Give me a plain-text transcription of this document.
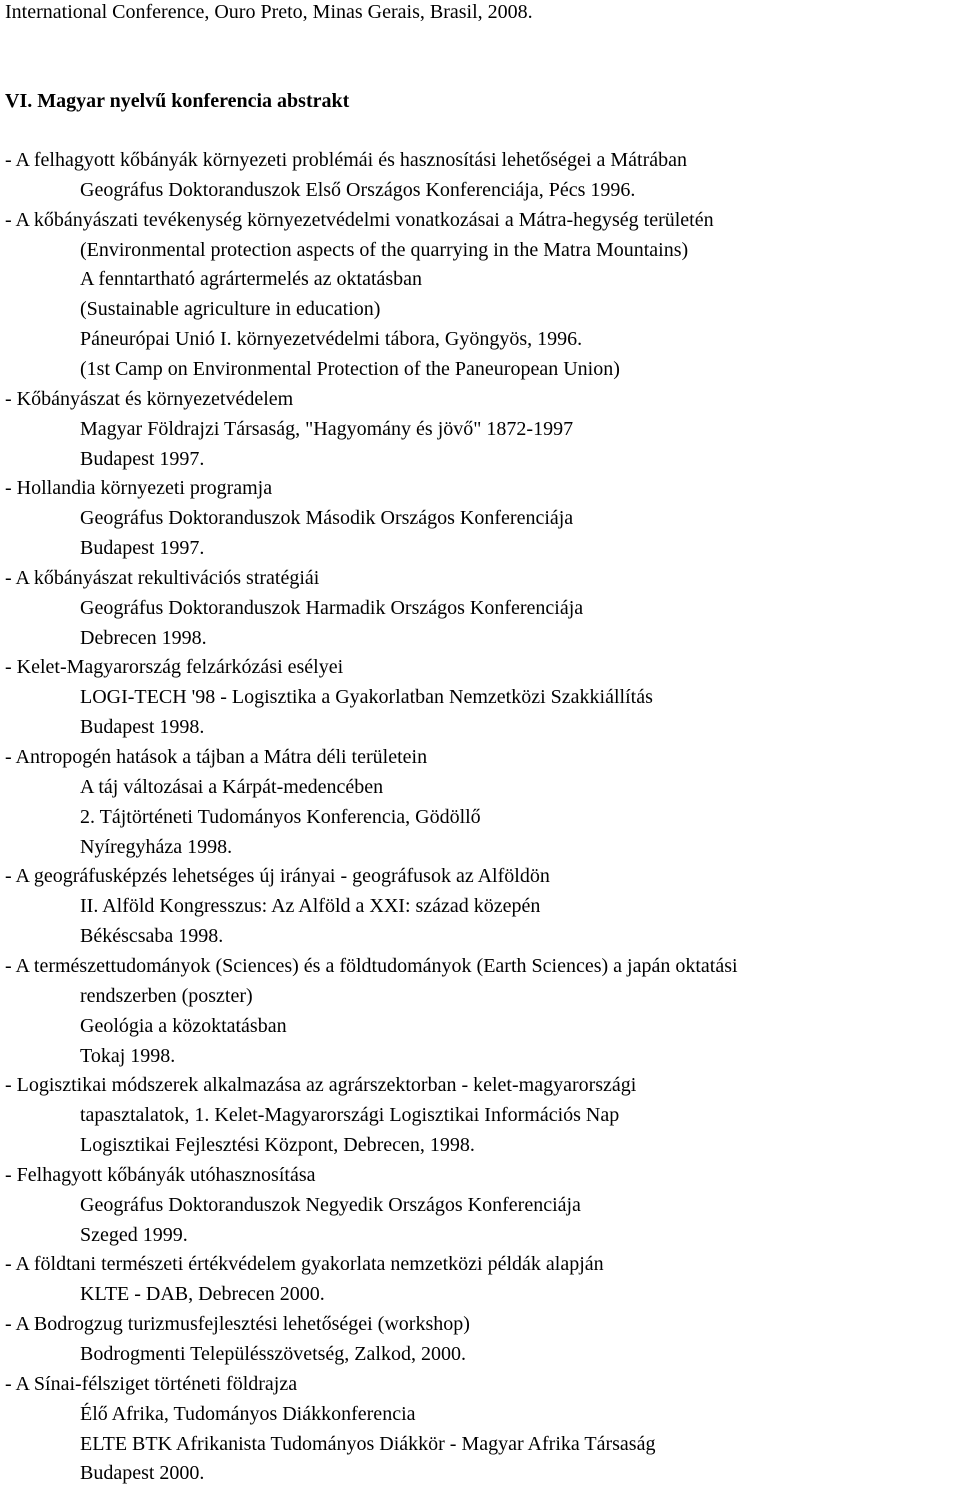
International Conference, Ouro Preto, Minas Gerais, Brasil, 2008.
VI. Magyar nyelvű konferencia abstrakt
- A felhagyott kőbányák környezeti problémái és hasznosítási lehetőségei a Mátrában
Geográfus Doktoranduszok Első Országos Konferenciája, Pécs 1996.
- A kőbányászati tevékenység környezetvédelmi vonatkozásai a Mátra-hegység területén
(Environmental protection aspects of the quarrying in the Matra Mountains)
A fenntartható agrártermelés az oktatásban
(Sustainable agriculture in education)
Páneurópai Unió I. környezetvédelmi tábora, Gyöngyös, 1996.
(1st Camp on Environmental Protection of the Paneuropean Union)
- Kőbányászat és környezetvédelem
Magyar Földrajzi Társaság, "Hagyomány és jövő" 1872-1997
Budapest 1997.
- Hollandia környezeti programja
Geográfus Doktoranduszok Második Országos Konferenciája
Budapest 1997.
- A kőbányászat rekultivációs stratégiái
Geográfus Doktoranduszok Harmadik Országos Konferenciája
Debrecen 1998.
- Kelet-Magyarország felzárkózási esélyei
LOGI-TECH '98 - Logisztika a Gyakorlatban Nemzetközi Szakkiállítás
Budapest 1998.
- Antropogén hatások a tájban a Mátra déli területein
A táj változásai a Kárpát-medencében
2. Tájtörténeti Tudományos Konferencia, Gödöllő
Nyíregyháza 1998.
- A geográfusképzés lehetséges új irányai - geográfusok az Alföldön
II. Alföld Kongresszus: Az Alföld a XXI: század közepén
Békéscsaba 1998.
- A természettudományok (Sciences) és a földtudományok (Earth Sciences) a japán oktatási
rendszerben (poszter)
Geológia a közoktatásban
Tokaj 1998.
- Logisztikai módszerek alkalmazása az agrárszektorban - kelet-magyarországi
tapasztalatok, 1. Kelet-Magyarországi Logisztikai Információs Nap
Logisztikai Fejlesztési Központ, Debrecen, 1998.
- Felhagyott kőbányák utóhasznosítása
Geográfus Doktoranduszok Negyedik Országos Konferenciája
Szeged 1999.
- A földtani természeti értékvédelem gyakorlata nemzetközi példák alapján
KLTE - DAB, Debrecen 2000.
- A Bodrogzug turizmusfejlesztési lehetőségei (workshop)
Bodrogmenti Településszövetség, Zalkod, 2000.
- A Sínai-félsziget történeti földrajza
Élő Afrika, Tudományos Diákkonferencia
ELTE BTK Afrikanista Tudományos Diákkör - Magyar Afrika Társaság
Budapest 2000.
